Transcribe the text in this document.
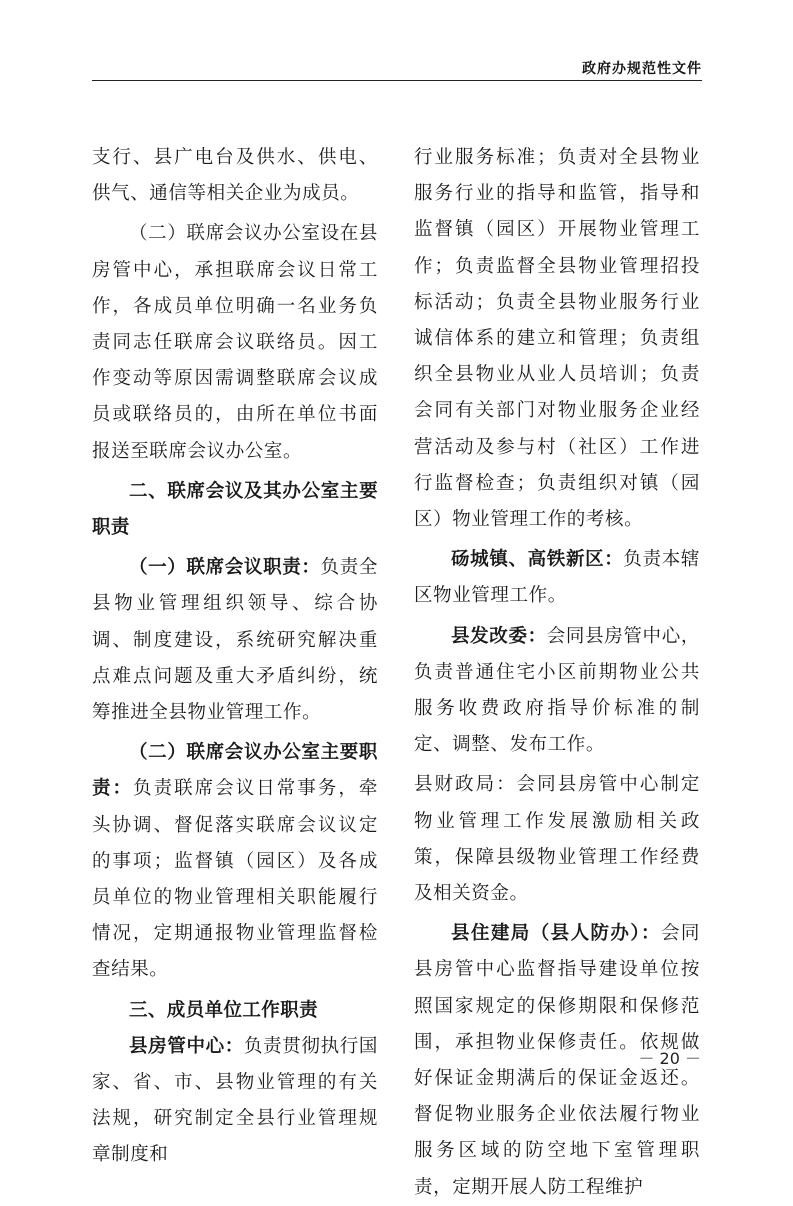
政府办规范性文件

支行、县广电台及供水、供电、供气、通信等相关企业为成员。

（二）联席会议办公室设在县房管中心，承担联席会议日常工作，各成员单位明确一名业务负责同志任联席会议联络员。因工作变动等原因需调整联席会议成员或联络员的，由所在单位书面报送至联席会议办公室。

二、联席会议及其办公室主要职责

（一）联席会议职责：负责全县物业管理组织领导、综合协调、制度建设，系统研究解决重点难点问题及重大矛盾纠纷，统筹推进全县物业管理工作。

（二）联席会议办公室主要职责：负责联席会议日常事务，牵头协调、督促落实联席会议议定的事项；监督镇（园区）及各成员单位的物业管理相关职能履行情况，定期通报物业管理监督检查结果。

三、成员单位工作职责

县房管中心：负责贯彻执行国家、省、市、县物业管理的有关法规，研究制定全县行业管理规章制度和

行业服务标准；负责对全县物业服务行业的指导和监管，指导和监督镇（园区）开展物业管理工作；负责监督全县物业管理招投标活动；负责全县物业服务行业诚信体系的建立和管理；负责组织全县物业从业人员培训；负责会同有关部门对物业服务企业经营活动及参与村（社区）工作进行监督检查；负责组织对镇（园区）物业管理工作的考核。

砀城镇、高铁新区：负责本辖区物业管理工作。

县发改委：会同县房管中心，负责普通住宅小区前期物业公共服务收费政府指导价标准的制定、调整、发布工作。

县财政局：会同县房管中心制定物业管理工作发展激励相关政策，保障县级物业管理工作经费及相关资金。

县住建局（县人防办）：会同县房管中心监督指导建设单位按照国家规定的保修期限和保修范围，承担物业保修责任。依规做好保证金期满后的保证金返还。督促物业服务企业依法履行物业服务区域的防空地下室管理职责，定期开展人防工程维护

－ 20 －
